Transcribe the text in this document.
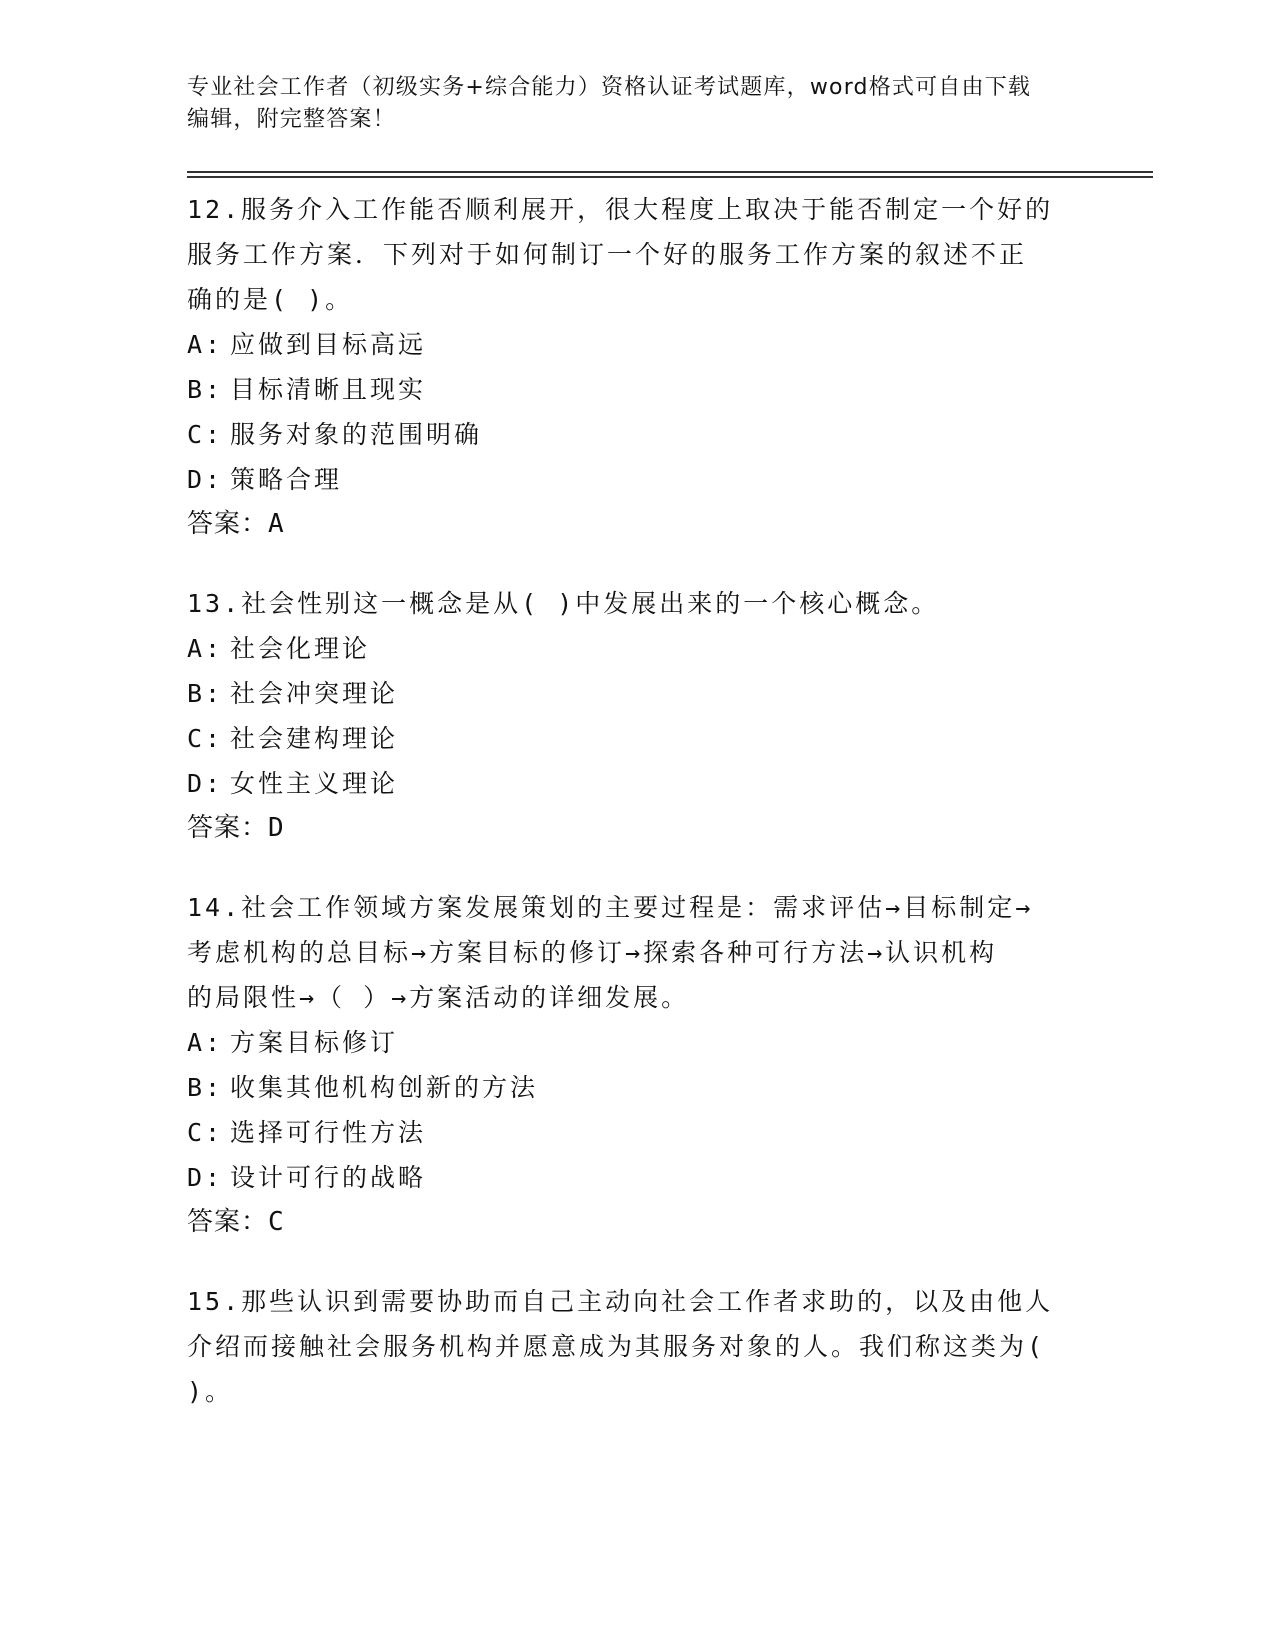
专业社会工作者（初级实务+综合能力）资格认证考试题库，word格式可自由下载
编辑，附完整答案！
12.服务介入工作能否顺利展开，很大程度上取决于能否制定一个好的
服务工作方案．下列对于如何制订一个好的服务工作方案的叙述不正
确的是( )。
A: 应做到目标高远
B: 目标清晰且现实
C: 服务对象的范围明确
D: 策略合理
答案：A
13.社会性别这一概念是从( )中发展出来的一个核心概念。
A: 社会化理论
B: 社会冲突理论
C: 社会建构理论
D: 女性主义理论
答案：D
14.社会工作领域方案发展策划的主要过程是：需求评估→目标制定→
考虑机构的总目标→方案目标的修订→探索各种可行方法→认识机构
的局限性→（ ）→方案活动的详细发展。
A: 方案目标修订
B: 收集其他机构创新的方法
C: 选择可行性方法
D: 设计可行的战略
答案：C
15.那些认识到需要协助而自己主动向社会工作者求助的，以及由他人
介绍而接触社会服务机构并愿意成为其服务对象的人。我们称这类为(
)。
